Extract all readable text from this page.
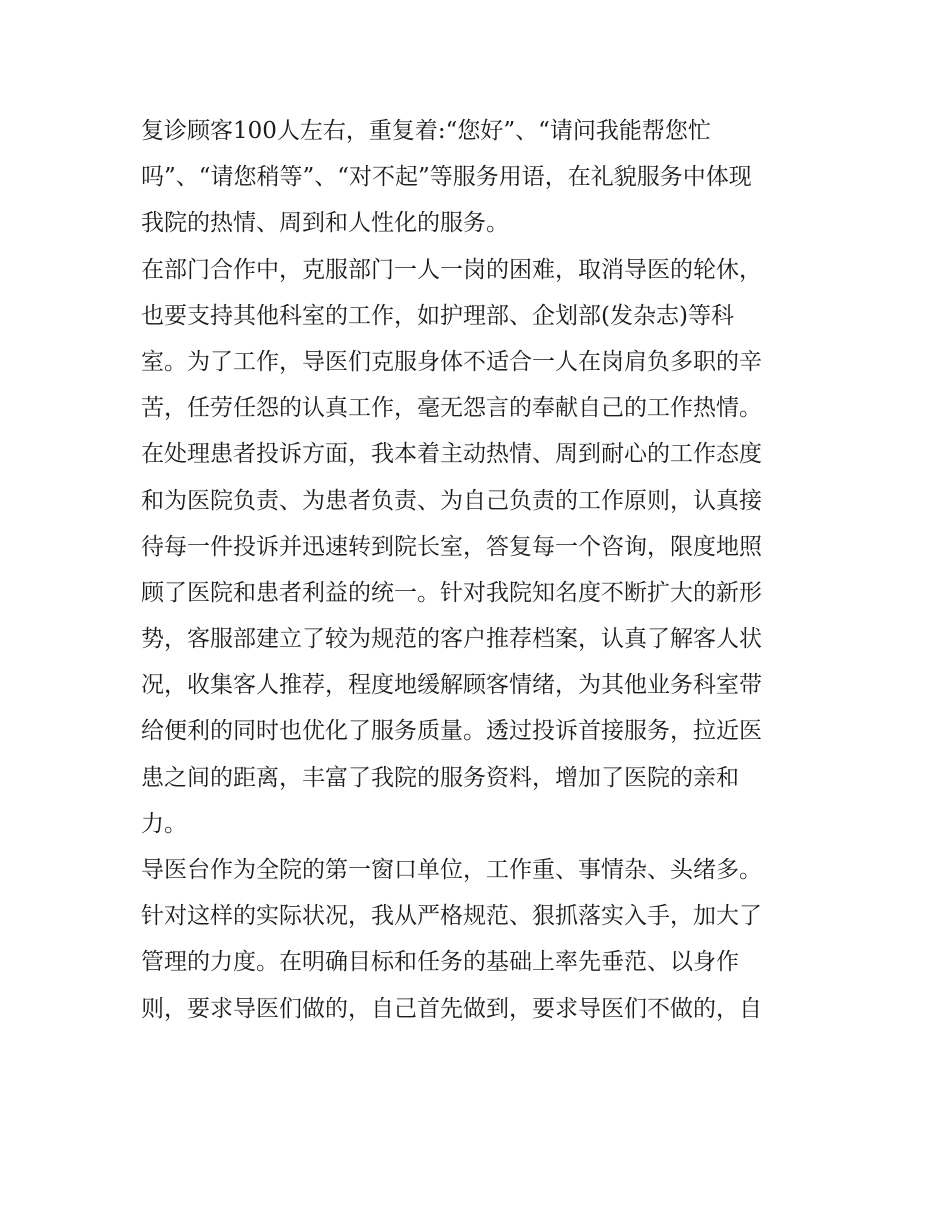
复诊顾客100人左右，重复着:“您好”、“请问我能帮您忙
吗”、“请您稍等”、“对不起”等服务用语，在礼貌服务中体现
我院的热情、周到和人性化的服务。
在部门合作中，克服部门一人一岗的困难，取消导医的轮休，
也要支持其他科室的工作，如护理部、企划部(发杂志)等科
室。为了工作，导医们克服身体不适合一人在岗肩负多职的辛
苦，任劳任怨的认真工作，毫无怨言的奉献自己的工作热情。
在处理患者投诉方面，我本着主动热情、周到耐心的工作态度
和为医院负责、为患者负责、为自己负责的工作原则，认真接
待每一件投诉并迅速转到院长室，答复每一个咨询，限度地照
顾了医院和患者利益的统一。针对我院知名度不断扩大的新形
势，客服部建立了较为规范的客户推荐档案，认真了解客人状
况，收集客人推荐，程度地缓解顾客情绪，为其他业务科室带
给便利的同时也优化了服务质量。透过投诉首接服务，拉近医
患之间的距离，丰富了我院的服务资料，增加了医院的亲和
力。
导医台作为全院的第一窗口单位，工作重、事情杂、头绪多。
针对这样的实际状况，我从严格规范、狠抓落实入手，加大了
管理的力度。在明确目标和任务的基础上率先垂范、以身作
则，要求导医们做的，自己首先做到，要求导医们不做的，自
